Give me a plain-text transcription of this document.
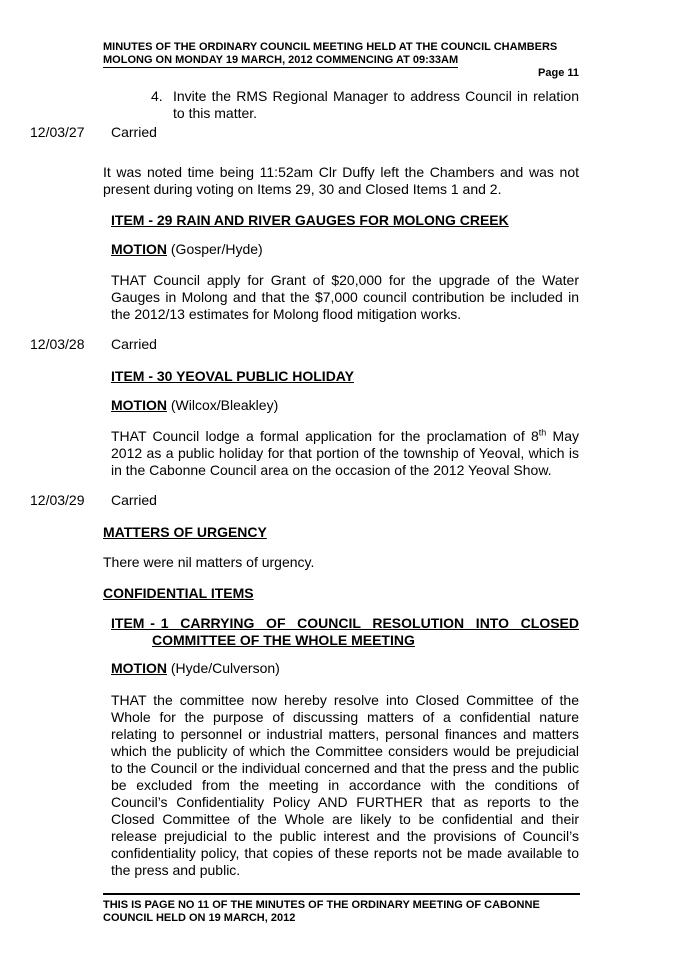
MINUTES OF THE ORDINARY COUNCIL MEETING HELD AT THE COUNCIL CHAMBERS
MOLONG ON MONDAY 19 MARCH, 2012 COMMENCING AT 09:33AM
Page 11
4. Invite the RMS Regional Manager to address Council in relation to this matter.
12/03/27 Carried
It was noted time being 11:52am Clr Duffy left the Chambers and was not present during voting on Items 29, 30 and Closed Items 1 and 2.
ITEM - 29 RAIN AND RIVER GAUGES FOR MOLONG CREEK
MOTION (Gosper/Hyde)
THAT Council apply for Grant of $20,000 for the upgrade of the Water Gauges in Molong and that the $7,000 council contribution be included in the 2012/13 estimates for Molong flood mitigation works.
12/03/28 Carried
ITEM - 30 YEOVAL PUBLIC HOLIDAY
MOTION (Wilcox/Bleakley)
THAT Council lodge a formal application for the proclamation of 8th May 2012 as a public holiday for that portion of the township of Yeoval, which is in the Cabonne Council area on the occasion of the 2012 Yeoval Show.
12/03/29 Carried
MATTERS OF URGENCY
There were nil matters of urgency.
CONFIDENTIAL ITEMS
ITEM - 1  CARRYING  OF  COUNCIL  RESOLUTION  INTO  CLOSED
COMMITTEE OF THE WHOLE MEETING
MOTION (Hyde/Culverson)
THAT the committee now hereby resolve into Closed Committee of the Whole for the purpose of discussing matters of a confidential nature relating to personnel or industrial matters, personal finances and matters which the publicity of which the Committee considers would be prejudicial to the Council or the individual concerned and that the press and the public be excluded from the meeting in accordance with the conditions of Council’s Confidentiality Policy AND FURTHER that as reports to the Closed Committee of the Whole are likely to be confidential and their release prejudicial to the public interest and the provisions of Council’s confidentiality policy, that copies of these reports not be made available to the press and public.
THIS IS PAGE NO 11 OF THE MINUTES OF THE ORDINARY MEETING OF CABONNE
COUNCIL HELD ON 19 MARCH, 2012
